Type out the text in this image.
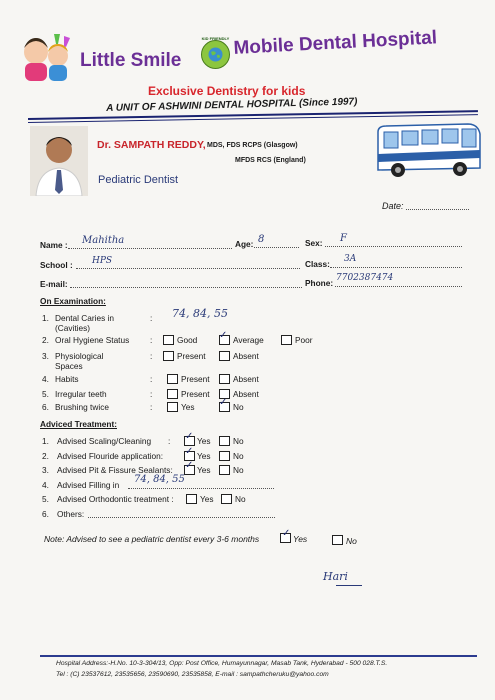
Little Smile
KID FRIENDLY Mobile Dental Hospital
Exclusive Dentistry for kids
A UNIT OF ASHWINI DENTAL HOSPITAL (Since 1997)
Dr. SAMPATH REDDY, MDS, FDS RCPS (Glasgow)
MFDS RCS (England)
Pediatric Dentist
Date:
Name : Mahitha	Age: 8	Sex: F
School : HPS	Class: 3A
E-mail:	Phone: 7702387474
On Examination:
1. Dental Caries in
(Cavities)
: 74, 84, 55
2. Oral Hygiene Status	:	Good ✓ Average	Poor
3. Physiological
Spaces
:	Present	Absent
4. Habits	:	Present	Absent
5. Irregular teeth	:	Present	Absent
6. Brushing twice	:	Yes ✓ No
Adviced Treatment:
1. Advised Scaling/Cleaning : ✓ Yes	No
2. Advised Flouride application: ✓ Yes	No
3. Advised Pit & Fissure Sealants: ✓ Yes	No
4. Advised Filling in 74, 84, 55
5. Advised Orthodontic treatment :	Yes	No
6. Others:
Note: Advised to see a pediatric dentist every 3-6 months ✓ Yes	No
Hari
Hospital Address:-H.No. 10-3-304/13, Opp: Post Office, Humayunnagar, Masab Tank, Hyderabad - 500 028.T.S.
Tel : (C) 23537612, 23535656, 23590690, 23535858, E-mail : sampathcheruku@yahoo.com
